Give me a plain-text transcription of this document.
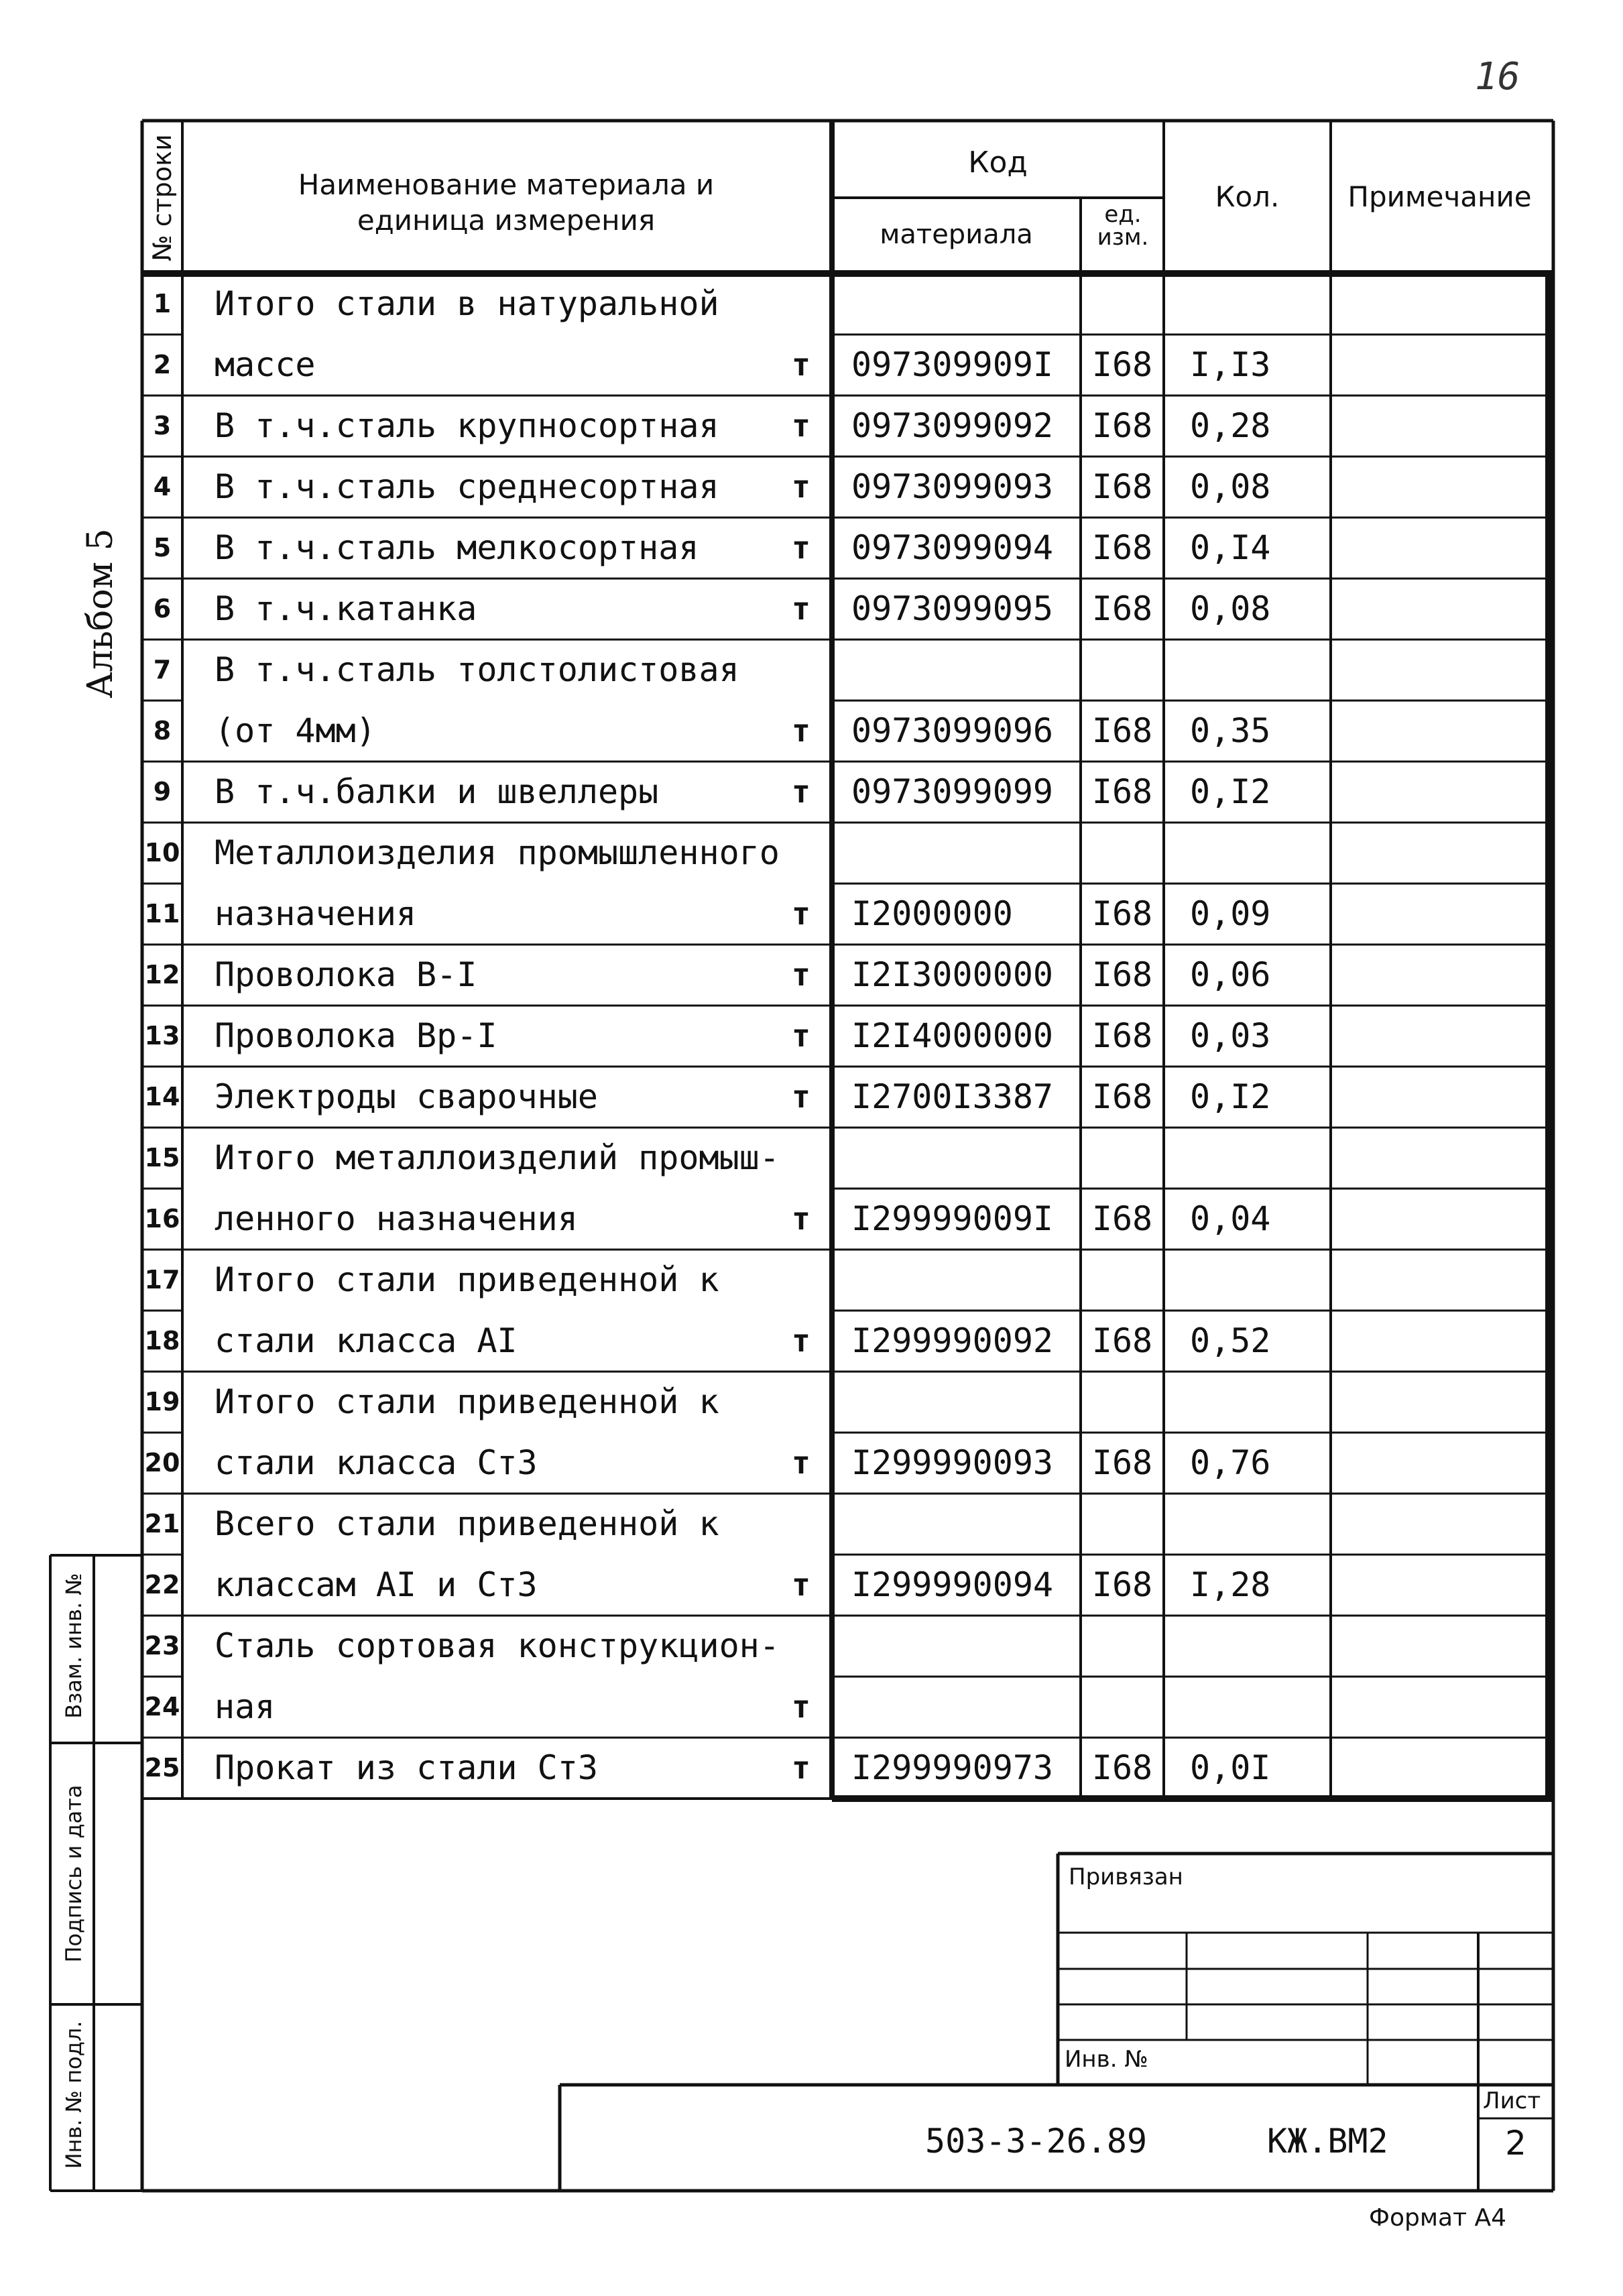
16
Альбом 5
№ строки	Наименование материала и единица измерения
Код
материала
ед. изм.
Кол.	Примечание
1	Итого стали в натуральной
2	массе	т	097309909I	I68	I,I3
3	В т.ч.сталь крупносортная	т	0973099092	I68	0,28
4	В т.ч.сталь среднесортная	т	0973099093	I68	0,08
5	В т.ч.сталь мелкосортная	т	0973099094	I68	0,I4
6	В т.ч.катанка	т	0973099095	I68	0,08
7	В т.ч.сталь толстолистовая
8	(от 4мм)	т	0973099096	I68	0,35
9	В т.ч.балки и швеллеры	т	0973099099	I68	0,I2
10 Металлоизделия промышленного
11 назначения	т	I2000000	I68	0,09
12 Проволока В-I	т	I2I3000000	I68	0,06
13 Проволока Вр-I	т	I2I4000000	I68	0,03
14 Электроды сварочные	т	I2700I3387	I68	0,I2
15 Итого металлоизделий промыш-
16 ленного назначения	т	I29999009I	I68	0,04
17 Итого стали приведенной к
18 стали класса AI	т	I299990092	I68	0,52
19 Итого стали приведенной к
20 стали класса Ст3	т	I299990093	I68	0,76
21 Всего стали приведенной к
22 классам AI и Ст3	т	I299990094	I68	I,28
23 Сталь сортовая конструкцион-
24 ная	т
25 Прокат из стали Ст3	т	I299990973	I68	0,0I
Взам. инв. №
Подпись и дата
Инв. № подл.
Привязан
Инв. №
503-3-26.89	КЖ.ВМ2
Лист
2
Формат А4
